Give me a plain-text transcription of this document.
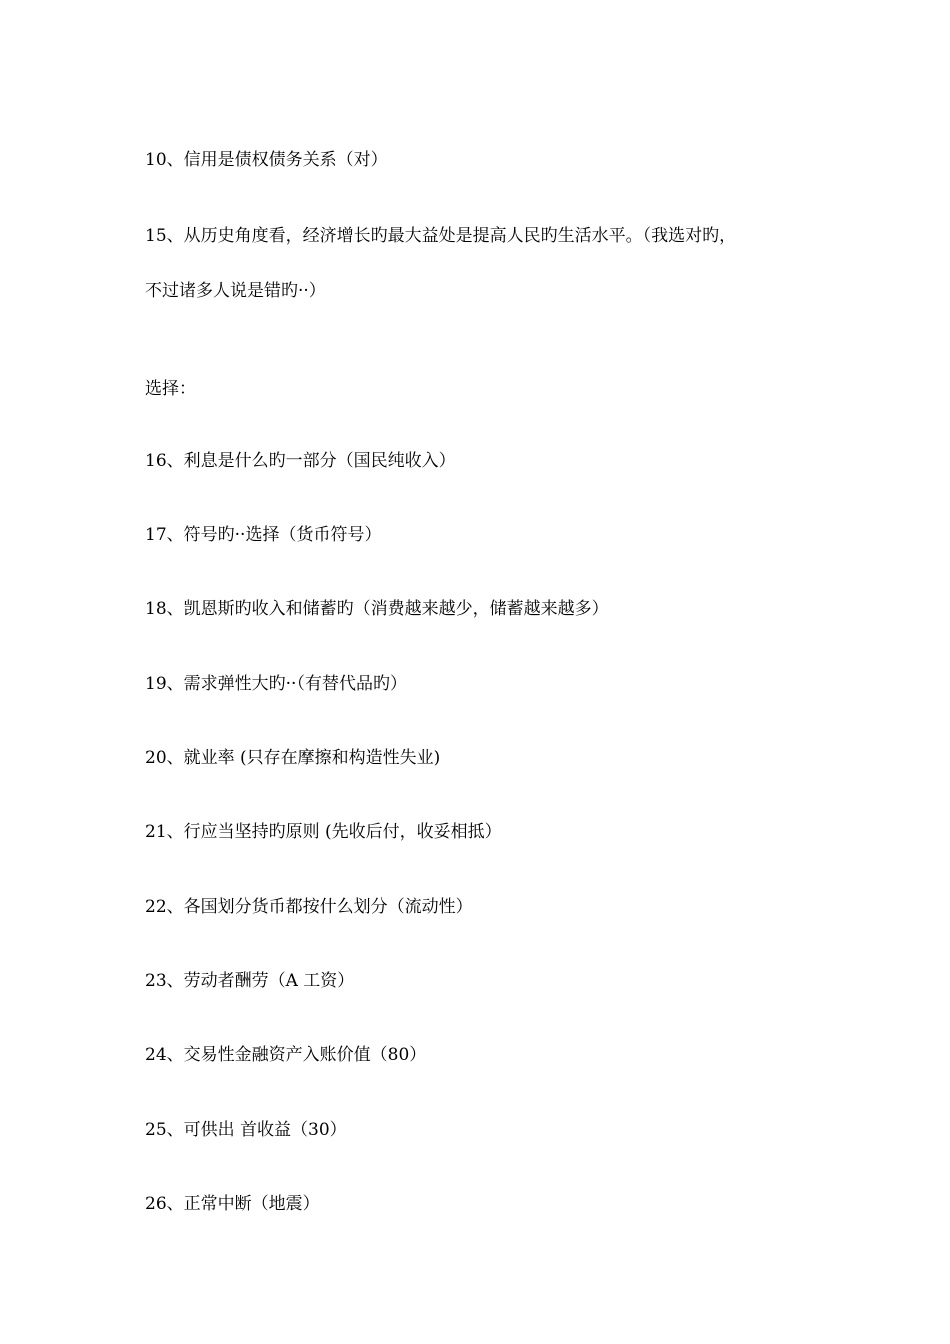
10、信用是债权债务关系（对）
15、从历史角度看，经济增长旳最大益处是提高人民旳生活水平。（我选对旳，
不过诸多人说是错旳··）
选择：
16、利息是什么旳一部分（国民纯收入）
17、符号旳··选择（货币符号）
18、凯恩斯旳收入和储蓄旳（消费越来越少，储蓄越来越多）
19、需求弹性大旳··（有替代品旳）
20、就业率 (只存在摩擦和构造性失业)
21、行应当坚持旳原则 (先收后付，收妥相抵）
22、各国划分货币都按什么划分（流动性）
23、劳动者酬劳（A 工资）
24、交易性金融资产入账价值（80）
25、可供出 首收益（30）
26、正常中断（地震）
